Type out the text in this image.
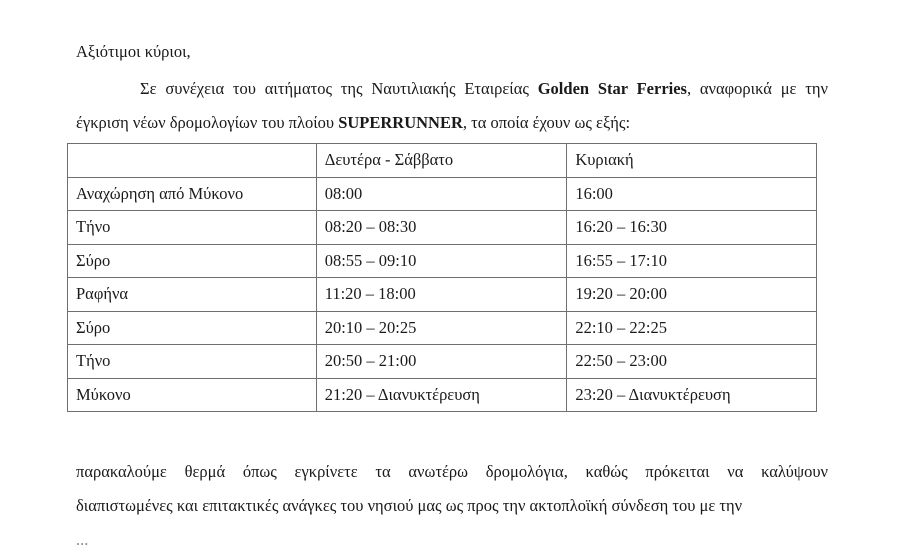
Αξιότιμοι κύριοι,
Σε συνέχεια του αιτήματος της Ναυτιλιακής Εταιρείας Golden Star Ferries, αναφορικά με την έγκριση νέων δρομολογίων του πλοίου SUPERRUNNER, τα οποία έχουν ως εξής:
	Δευτέρα - Σάββατο	Κυριακή
Αναχώρηση από Μύκονο	08:00	16:00
Τήνο	08:20 – 08:30	16:20 – 16:30
Σύρο	08:55 – 09:10	16:55 – 17:10
Ραφήνα	11:20 – 18:00	19:20 – 20:00
Σύρο	20:10 – 20:25	22:10 – 22:25
Τήνο	20:50 – 21:00	22:50 – 23:00
Μύκονο	21:20 – Διανυκτέρευση	23:20 – Διανυκτέρευση
παρακαλούμε θερμά όπως εγκρίνετε τα ανωτέρω δρομολόγια, καθώς πρόκειται να καλύψουν
διαπιστωμένες και επιτακτικές ανάγκες του νησιού μας ως προς την ακτοπλοϊκή σύνδεση του με την
...
